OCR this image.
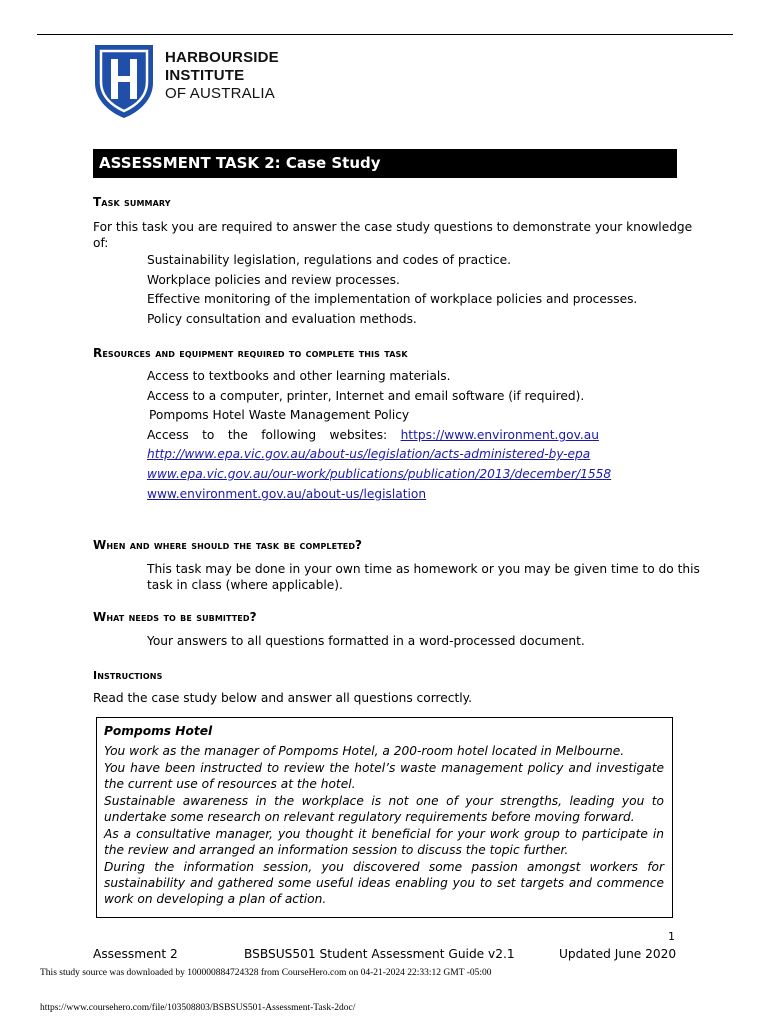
HARBOURSIDE
INSTITUTE
OF AUSTRALIA
ASSESSMENT TASK 2: Case Study
Task summary
For this task you are required to answer the case study questions to demonstrate your knowledge
of:
Sustainability legislation, regulations and codes of practice.
Workplace policies and review processes.
Effective monitoring of the implementation of workplace policies and processes.
Policy consultation and evaluation methods.
Resources and equipment required to complete this task
Access to textbooks and other learning materials.
Access to a computer, printer, Internet and email software (if required).
Pompoms Hotel Waste Management Policy
Access to the following websites: https://www.environment.gov.au
http://www.epa.vic.gov.au/about-us/legislation/acts-administered-by-epa
www.epa.vic.gov.au/our-work/publications/publication/2013/december/1558
www.environment.gov.au/about-us/legislation
When and where should the task be completed?
This task may be done in your own time as homework or you may be given time to do this
task in class (where applicable).
What needs to be submitted?
Your answers to all questions formatted in a word-processed document.
Instructions
Read the case study below and answer all questions correctly.

Pompoms Hotel

You work as the manager of Pompoms Hotel, a 200-room hotel located in Melbourne.

You have been instructed to review the hotel’s waste management policy and investigate the current use of resources at the hotel.

Sustainable awareness in the workplace is not one of your strengths, leading you to undertake some research on relevant regulatory requirements before moving forward.

As a consultative manager, you thought it beneficial for your work group to participate in the review and arranged an information session to discuss the topic further.

During the information session, you discovered some passion amongst workers for sustainability and gathered some useful ideas enabling you to set targets and commence work on developing a plan of action.

1
Assessment 2	BSBSUS501 Student Assessment Guide v2.1	Updated June 2020
This study source was downloaded by 100000884724328 from CourseHero.com on 04-21-2024 22:33:12 GMT -05:00
https://www.coursehero.com/file/103508803/BSBSUS501-Assessment-Task-2doc/
